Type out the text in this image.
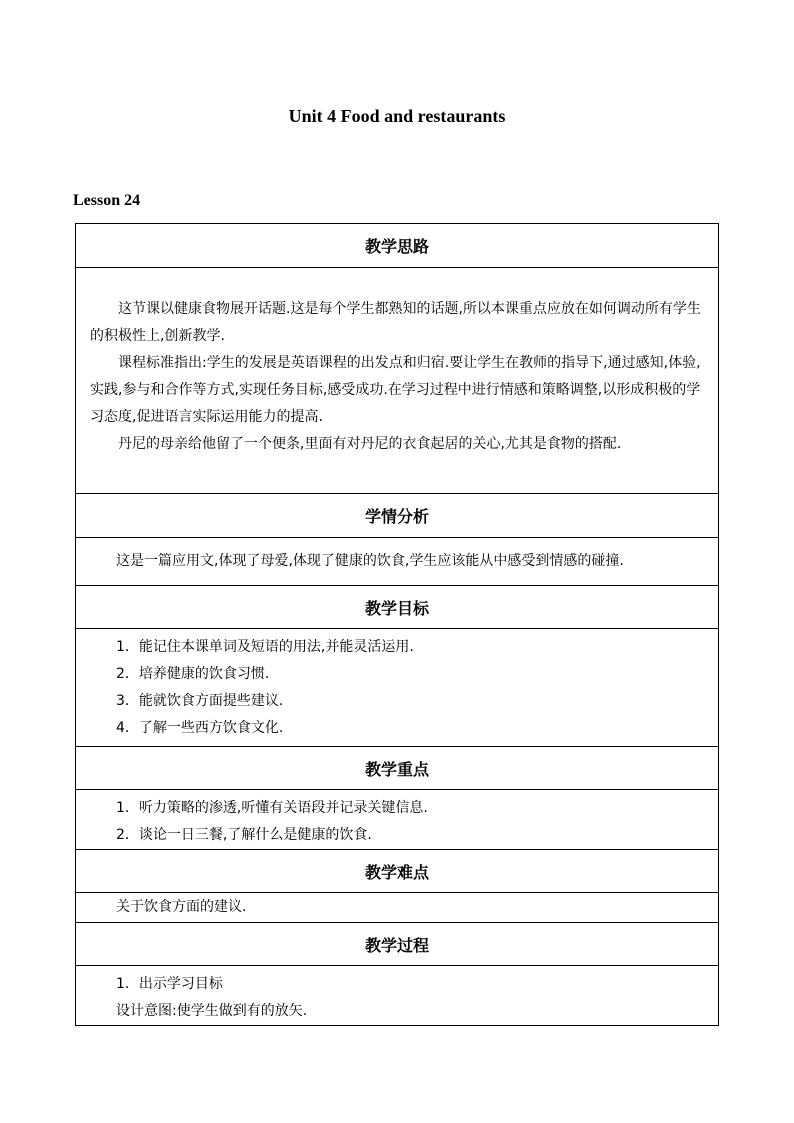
Unit 4 Food and restaurants
Lesson 24
教学思路

这节课以健康食物展开话题.这是每个学生都熟知的话题,所以本课重点应放在如何调动所有学生的积极性上,创新教学.

课程标准指出:学生的发展是英语课程的出发点和归宿.要让学生在教师的指导下,通过感知,体验,实践,参与和合作等方式,实现任务目标,感受成功.在学习过程中进行情感和策略调整,以形成积极的学习态度,促进语言实际运用能力的提高.

丹尼的母亲给他留了一个便条,里面有对丹尼的衣食起居的关心,尤其是食物的搭配.

学情分析

这是一篇应用文,体现了母爱,体现了健康的饮食,学生应该能从中感受到情感的碰撞.

教学目标

1．能记住本课单词及短语的用法,并能灵活运用.

2．培养健康的饮食习惯.

3．能就饮食方面提些建议.

4．了解一些西方饮食文化.

教学重点

1．听力策略的渗透,听懂有关语段并记录关键信息.

2．谈论一日三餐,了解什么是健康的饮食.

教学难点

关于饮食方面的建议.

教学过程

1．出示学习目标

设计意图:使学生做到有的放矢.
